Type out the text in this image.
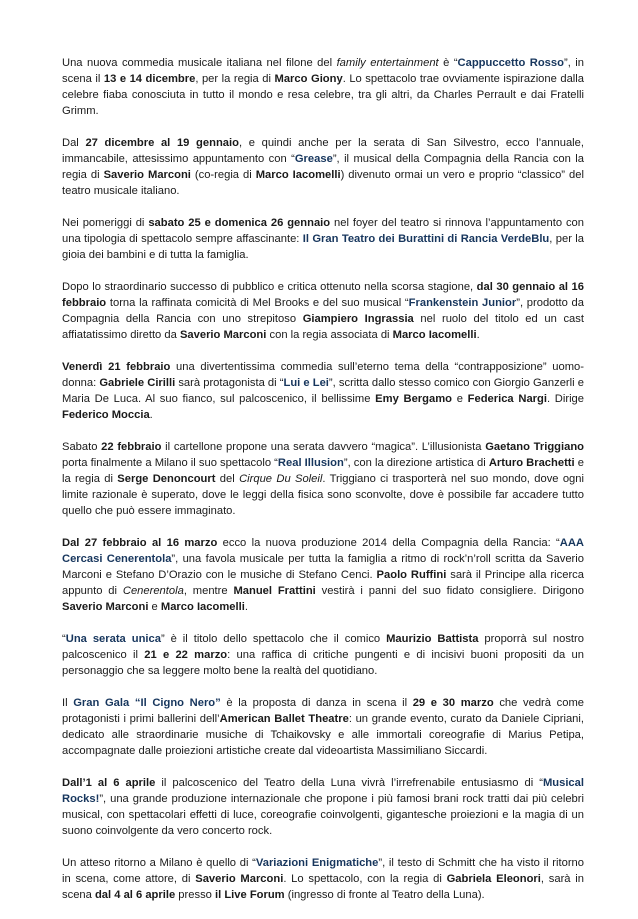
Una nuova commedia musicale italiana nel filone del family entertainment è “Cappuccetto Rosso”, in scena il 13 e 14 dicembre, per la regia di Marco Giony. Lo spettacolo trae ovviamente ispirazione dalla celebre fiaba conosciuta in tutto il mondo e resa celebre, tra gli altri, da Charles Perrault e dai Fratelli Grimm.

Dal 27 dicembre al 19 gennaio, e quindi anche per la serata di San Silvestro, ecco l’annuale, immancabile, attesissimo appuntamento con “Grease”, il musical della Compagnia della Rancia con la regia di Saverio Marconi (co-regia di Marco Iacomelli) divenuto ormai un vero e proprio “classico” del teatro musicale italiano.

Nei pomeriggi di sabato 25 e domenica 26 gennaio nel foyer del teatro si rinnova l’appuntamento con una tipologia di spettacolo sempre affascinante: Il Gran Teatro dei Burattini di Rancia VerdeBlu, per la gioia dei bambini e di tutta la famiglia.

Dopo lo straordinario successo di pubblico e critica ottenuto nella scorsa stagione, dal 30 gennaio al 16 febbraio torna la raffinata comicità di Mel Brooks e del suo musical “Frankenstein Junior”, prodotto da Compagnia della Rancia con uno strepitoso Giampiero Ingrassia nel ruolo del titolo ed un cast affiatatissimo diretto da Saverio Marconi con la regia associata di Marco Iacomelli.

Venerdì 21 febbraio una divertentissima commedia sull’eterno tema della “contrapposizione” uomo-donna: Gabriele Cirilli sarà protagonista di “Lui e Lei”, scritta dallo stesso comico con Giorgio Ganzerli e Maria De Luca. Al suo fianco, sul palcoscenico, il bellissime Emy Bergamo e Federica Nargi. Dirige Federico Moccia.

Sabato 22 febbraio il cartellone propone una serata davvero “magica”. L’illusionista Gaetano Triggiano porta finalmente a Milano il suo spettacolo “Real Illusion”, con la direzione artistica di Arturo Brachetti e la regia di Serge Denoncourt del Cirque Du Soleil. Triggiano ci trasporterà nel suo mondo, dove ogni limite razionale è superato, dove le leggi della fisica sono sconvolte, dove è possibile far accadere tutto quello che può essere immaginato.

Dal 27 febbraio al 16 marzo ecco la nuova produzione 2014 della Compagnia della Rancia: “AAA Cercasi Cenerentola”, una favola musicale per tutta la famiglia a ritmo di rock’n’roll scritta da Saverio Marconi e Stefano D’Orazio con le musiche di Stefano Cenci. Paolo Ruffini sarà il Principe alla ricerca appunto di Cenerentola, mentre Manuel Frattini vestirà i panni del suo fidato consigliere. Dirigono Saverio Marconi e Marco Iacomelli.

“Una serata unica” è il titolo dello spettacolo che il comico Maurizio Battista proporrà sul nostro palcoscenico il 21 e 22 marzo: una raffica di critiche pungenti e di incisivi buoni propositi da un personaggio che sa leggere molto bene la realtà del quotidiano.

Il Gran Gala “Il Cigno Nero” è la proposta di danza in scena il 29 e 30 marzo che vedrà come protagonisti i primi ballerini dell’American Ballet Theatre: un grande evento, curato da Daniele Cipriani, dedicato alle straordinarie musiche di Tchaikovsky e alle immortali coreografie di Marius Petipa, accompagnate dalle proiezioni artistiche create dal videoartista Massimiliano Siccardi.

Dall’1 al 6 aprile il palcoscenico del Teatro della Luna vivrà l’irrefrenabile entusiasmo di “Musical Rocks!”, una grande produzione internazionale che propone i più famosi brani rock tratti dai più celebri musical, con spettacolari effetti di luce, coreografie coinvolgenti, gigantesche proiezioni e la magia di un suono coinvolgente da vero concerto rock.

Un atteso ritorno a Milano è quello di “Variazioni Enigmatiche”, il testo di Schmitt che ha visto il ritorno in scena, come attore, di Saverio Marconi. Lo spettacolo, con la regia di Gabriela Eleonori, sarà in scena dal 4 al 6 aprile presso il Live Forum (ingresso di fronte al Teatro della Luna).
